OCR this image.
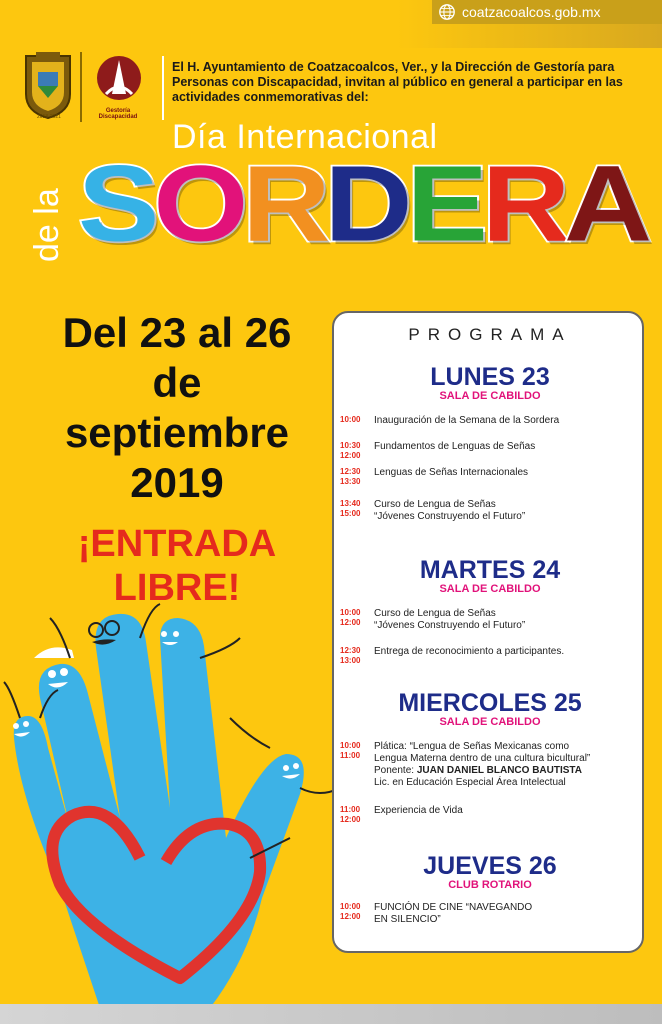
coatzacoalcos.gob.mx
2018-2021
Gestoría Discapacidad
El H. Ayuntamiento de Coatzacoalcos, Ver., y la Dirección de Gestoría para Personas con Discapacidad, invitan al público en general a participar en las actividades conmemorativas del:
Día Internacional
de la S O R D E R A
Del 23 al 26
de
septiembre
2019
¡ENTRADA
LIBRE!
PROGRAMA
LUNES 23
SALA DE CABILDO
10:00	Inauguración de la Semana de la Sordera
10:30
12:00
Fundamentos de Lenguas de Señas
12:30
13:30
Lenguas de Señas Internacionales
13:40
15:00
Curso de Lengua de Señas
“Jóvenes Construyendo el Futuro”
MARTES 24
SALA DE CABILDO
10:00
12:00
Curso de Lengua de Señas
“Jóvenes Construyendo el Futuro”
12:30
13:00
Entrega de reconocimiento a participantes.
MIERCOLES 25
SALA DE CABILDO
10:00
11:00
Plática: “Lengua de Señas Mexicanas como
Lengua Materna dentro de una cultura bicultural”
Ponente: JUAN DANIEL BLANCO BAUTISTA
Lic. en Educación Especial Área Intelectual
11:00
12:00
Experiencia de Vida
JUEVES 26
CLUB ROTARIO
10:00
12:00
FUNCIÓN DE CINE “NAVEGANDO
EN SILENCIO”
